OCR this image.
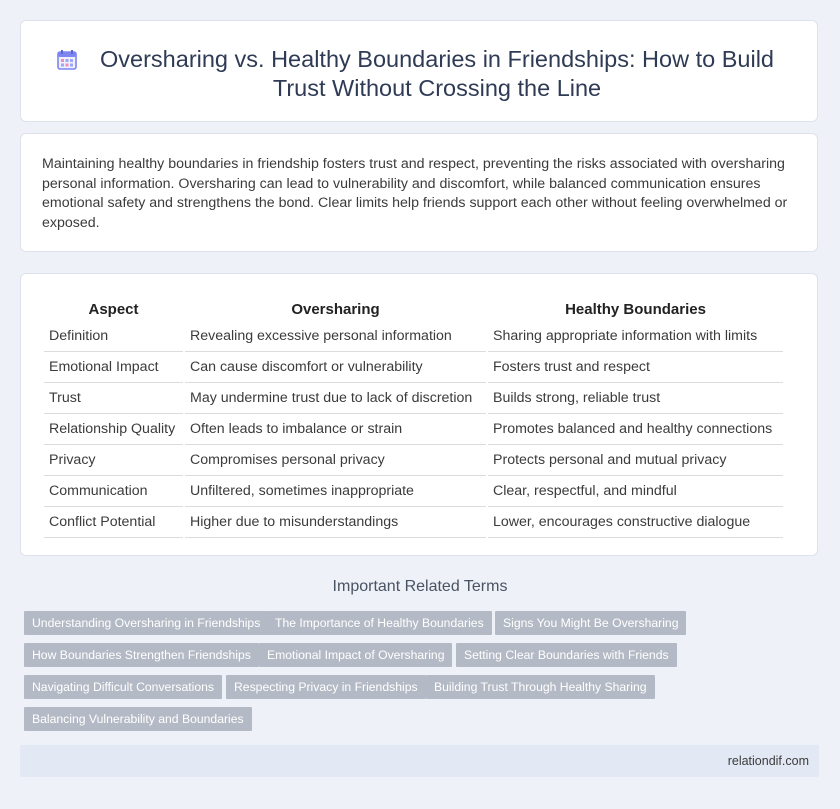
Oversharing vs. Healthy Boundaries in Friendships: How to Build Trust Without Crossing the Line
Maintaining healthy boundaries in friendship fosters trust and respect, preventing the risks associated with oversharing personal information. Oversharing can lead to vulnerability and discomfort, while balanced communication ensures emotional safety and strengthens the bond. Clear limits help friends support each other without feeling overwhelmed or exposed.
Aspect	Oversharing	Healthy Boundaries
Definition	Revealing excessive personal information	Sharing appropriate information with limits
Emotional Impact	Can cause discomfort or vulnerability	Fosters trust and respect
Trust	May undermine trust due to lack of discretion	Builds strong, reliable trust
Relationship Quality	Often leads to imbalance or strain	Promotes balanced and healthy connections
Privacy	Compromises personal privacy	Protects personal and mutual privacy
Communication	Unfiltered, sometimes inappropriate	Clear, respectful, and mindful
Conflict Potential	Higher due to misunderstandings	Lower, encourages constructive dialogue
Important Related Terms
Understanding Oversharing in Friendships	The Importance of Healthy Boundaries	Signs You Might Be Oversharing
How Boundaries Strengthen Friendships	Emotional Impact of Oversharing	Setting Clear Boundaries with Friends
Navigating Difficult Conversations	Respecting Privacy in Friendships	Building Trust Through Healthy Sharing
Balancing Vulnerability and Boundaries
relationdif.com
